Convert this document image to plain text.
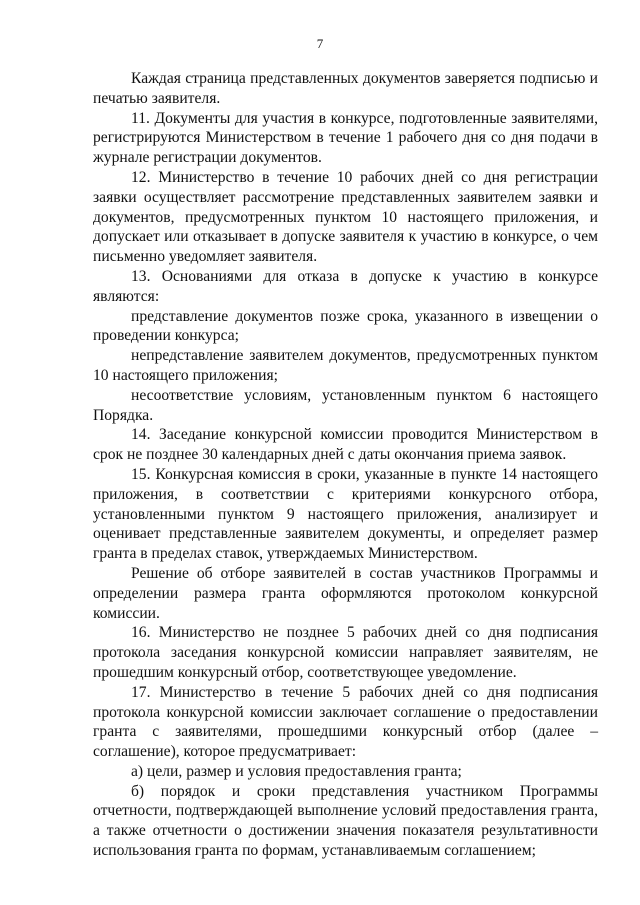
7

Каждая страница представленных документов заверяется подписью и печатью заявителя.

11. Документы для участия в конкурсе, подготовленные заявителями, регистрируются Министерством в течение 1 рабочего дня со дня подачи в журнале регистрации документов.

12. Министерство в течение 10 рабочих дней со дня регистрации заявки осуществляет рассмотрение представленных заявителем заявки и документов, предусмотренных пунктом 10 настоящего приложения, и допускает или отказывает в допуске заявителя к участию в конкурсе, о чем письменно уведомляет заявителя.

13. Основаниями для отказа в допуске к участию в конкурсе являются:

представление документов позже срока, указанного в извещении о проведении конкурса;

непредставление заявителем документов, предусмотренных пунктом 10 настоящего приложения;

несоответствие условиям, установленным пунктом 6 настоящего Порядка.

14. Заседание конкурсной комиссии проводится Министерством в срок не позднее 30 календарных дней с даты окончания приема заявок.

15. Конкурсная комиссия в сроки, указанные в пункте 14 настоящего приложения, в соответствии с критериями конкурсного отбора, установленными пунктом 9 настоящего приложения, анализирует и оценивает представленные заявителем документы, и определяет размер гранта в пределах ставок, утверждаемых Министерством.

Решение об отборе заявителей в состав участников Программы и определении размера гранта оформляются протоколом конкурсной комиссии.

16. Министерство не позднее 5 рабочих дней со дня подписания протокола заседания конкурсной комиссии направляет заявителям, не прошедшим конкурсный отбор, соответствующее уведомление.

17. Министерство в течение 5 рабочих дней со дня подписания протокола конкурсной комиссии заключает соглашение о предоставлении гранта с заявителями, прошедшими конкурсный отбор (далее – соглашение), которое предусматривает:

а) цели, размер и условия предоставления гранта;

б) порядок и сроки представления участником Программы отчетности, подтверждающей выполнение условий предоставления гранта, а также отчетности о достижении значения показателя результативности использования гранта по формам, устанавливаемым соглашением;
